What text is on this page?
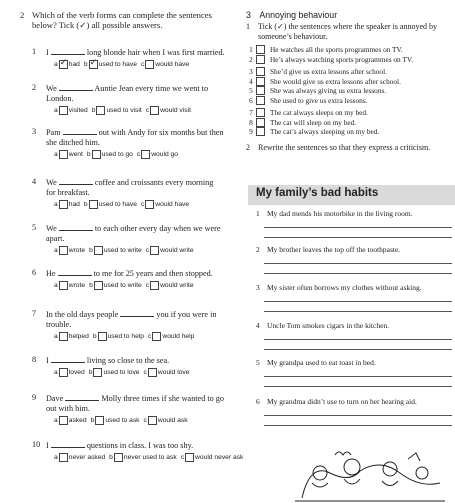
2 Which of the verb forms can complete the sentences below? Tick (✓) all possible answers.
1 I	long blonde hair when I was first married.
a ✓ had b ✓ used to have c would have
2 We	Auntie Jean every time we went to
London.
a visited b used to visit c would visit
3 Pam	out with Andy for six months but then
she ditched him.
a went b used to go c would go
4 We	coffee and croissants every morning
for breakfast.
a had b used to have c would have
5 We	to each other every day when we were
apart.
a wrote b used to write c would write
6 He	to me for 25 years and then stopped.
a wrote b used to write c would write
7 In the old days people	you if you were in
trouble.
a helped b used to help c would help
8 I	living so close to the sea.
a loved b used to love c would love
9 Dave	Molly three times if she wanted to go
out with him.
a asked b used to ask c would ask
10 I	questions in class. I was too shy.
a never asked b never used to ask c would never ask
3 Annoying behaviour
1	Tick (✓) the sentences where the speaker is annoyed by someone’s behaviour.
1	He watches all the sports programmes on TV.
2	He’s always watching sports programmes on TV.
3	She’d give us extra lessons after school.
4	She would give us extra lessons after school.
5	She was always giving us extra lessons.
6	She used to give us extra lessons.
7	The cat always sleeps on my bed.
8	The cat will sleep on my bed.
9	The cat’s always sleeping on my bed.
2	Rewrite the sentences so that they express a criticism.
My family’s bad habits
1 My dad mends his motorbike in the living room.
2 My brother leaves the top off the toothpaste.
3 My sister often borrows my clothes without asking.
4 Uncle Tom smokes cigars in the kitchen.
5 My grandpa used to eat toast in bed.
6 My grandma didn’t use to turn on her hearing aid.
